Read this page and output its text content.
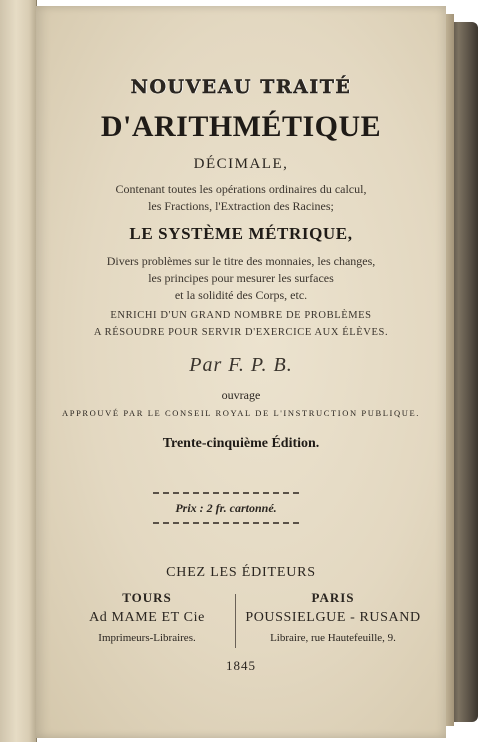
NOUVEAU TRAITÉ
D'ARITHMÉTIQUE
DÉCIMALE,
Contenant toutes les opérations ordinaires du calcul,
les Fractions, l'Extraction des Racines;
LE SYSTÈME MÉTRIQUE,
Divers problèmes sur le titre des monnaies, les changes,
les principes pour mesurer les surfaces
et la solidité des Corps, etc.
ENRICHI D'UN GRAND NOMBRE DE PROBLÈMES
A RÉSOUDRE POUR SERVIR D'EXERCICE AUX ÉLÈVES.
Par F. P. B.
ouvrage
APPROUVÉ PAR LE CONSEIL ROYAL DE L'INSTRUCTION PUBLIQUE.
Trente-cinquième Édition.
Prix : 2 fr. cartonné.
CHEZ LES ÉDITEURS
TOURS
Ad MAME ET Cie
Imprimeurs-Libraires.
PARIS
POUSSIELGUE - RUSAND
Libraire, rue Hautefeuille, 9.
1845
